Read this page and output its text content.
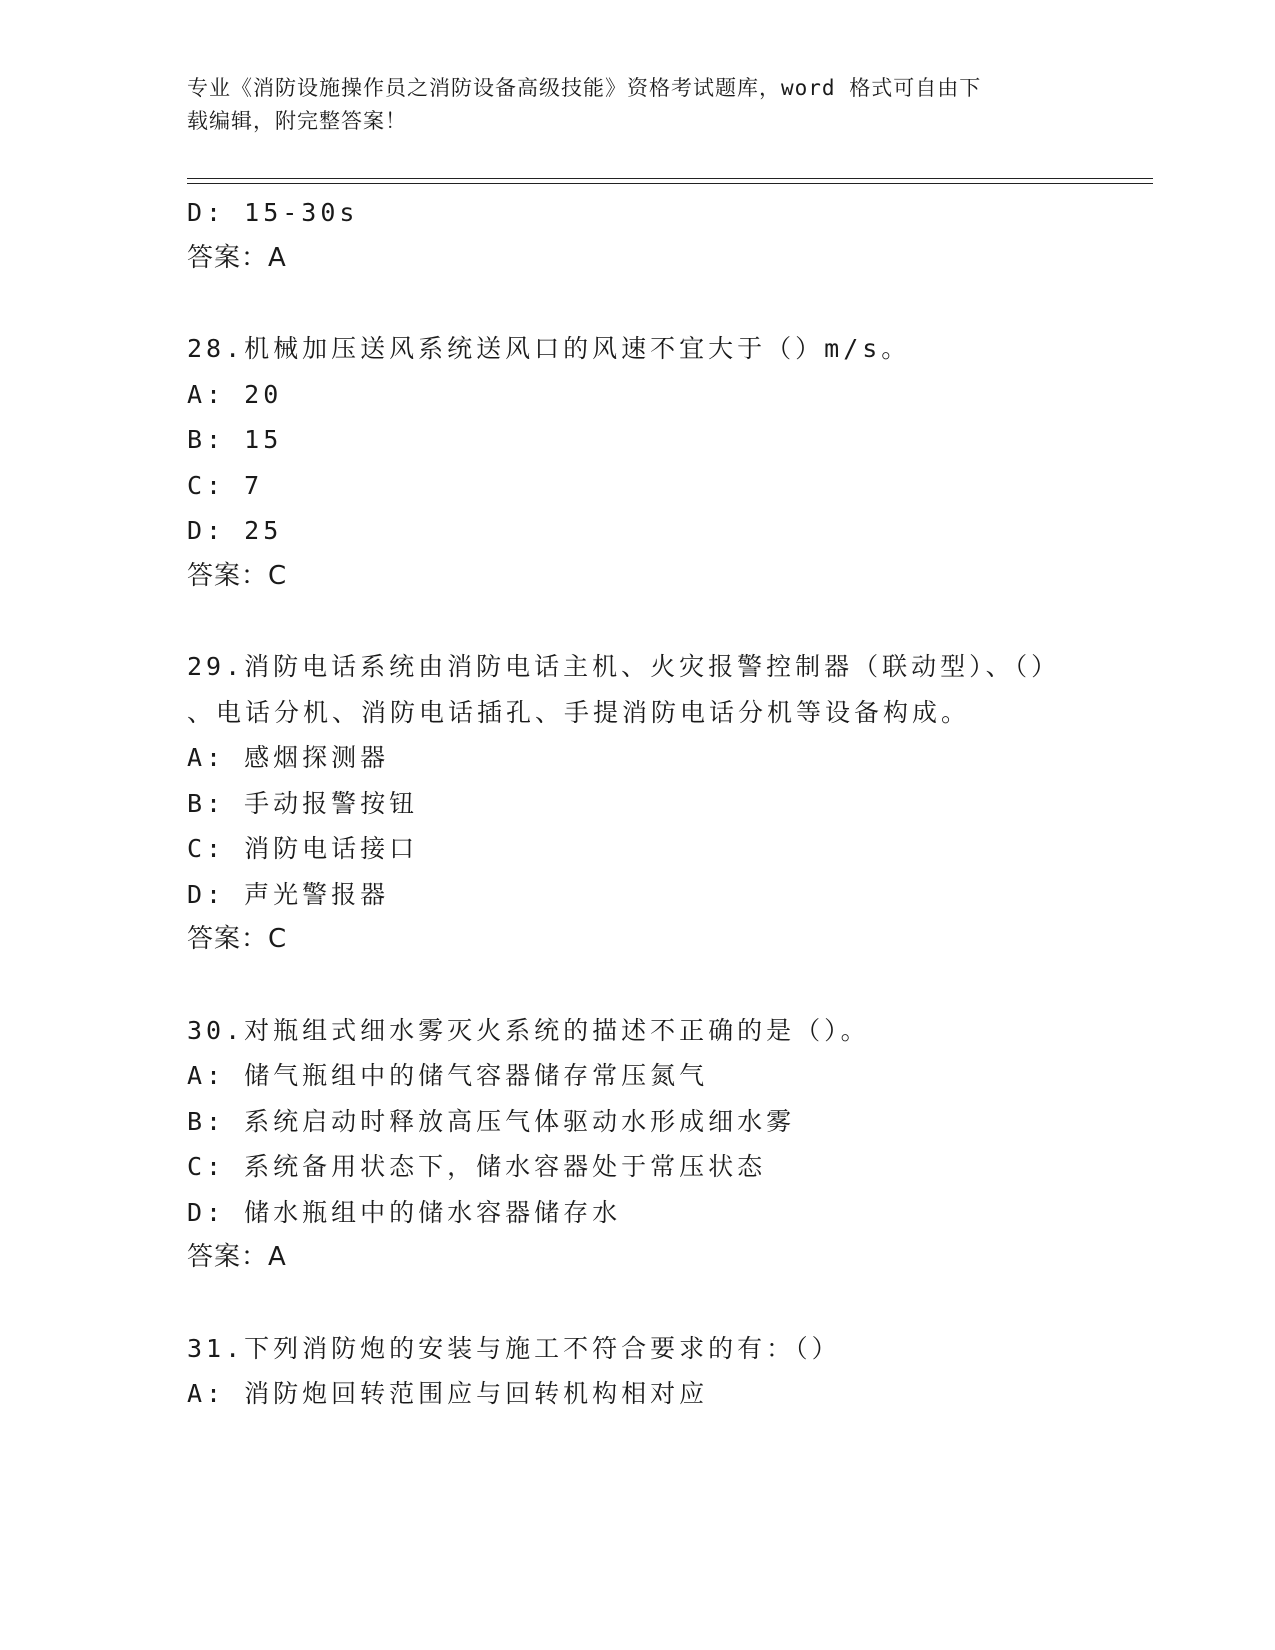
专业《消防设施操作员之消防设备高级技能》资格考试题库，word 格式可自由下
载编辑，附完整答案！
D: 15-30s
答案：A
28.机械加压送风系统送风口的风速不宜大于（）m/s。
A: 20
B: 15
C: 7
D: 25
答案：C
29.消防电话系统由消防电话主机、火灾报警控制器（联动型）、（）
、电话分机、消防电话插孔、手提消防电话分机等设备构成。
A: 感烟探测器
B: 手动报警按钮
C: 消防电话接口
D: 声光警报器
答案：C
30.对瓶组式细水雾灭火系统的描述不正确的是（）。
A: 储气瓶组中的储气容器储存常压氮气
B: 系统启动时释放高压气体驱动水形成细水雾
C: 系统备用状态下，储水容器处于常压状态
D: 储水瓶组中的储水容器储存水
答案：A
31.下列消防炮的安装与施工不符合要求的有：（）
A: 消防炮回转范围应与回转机构相对应
